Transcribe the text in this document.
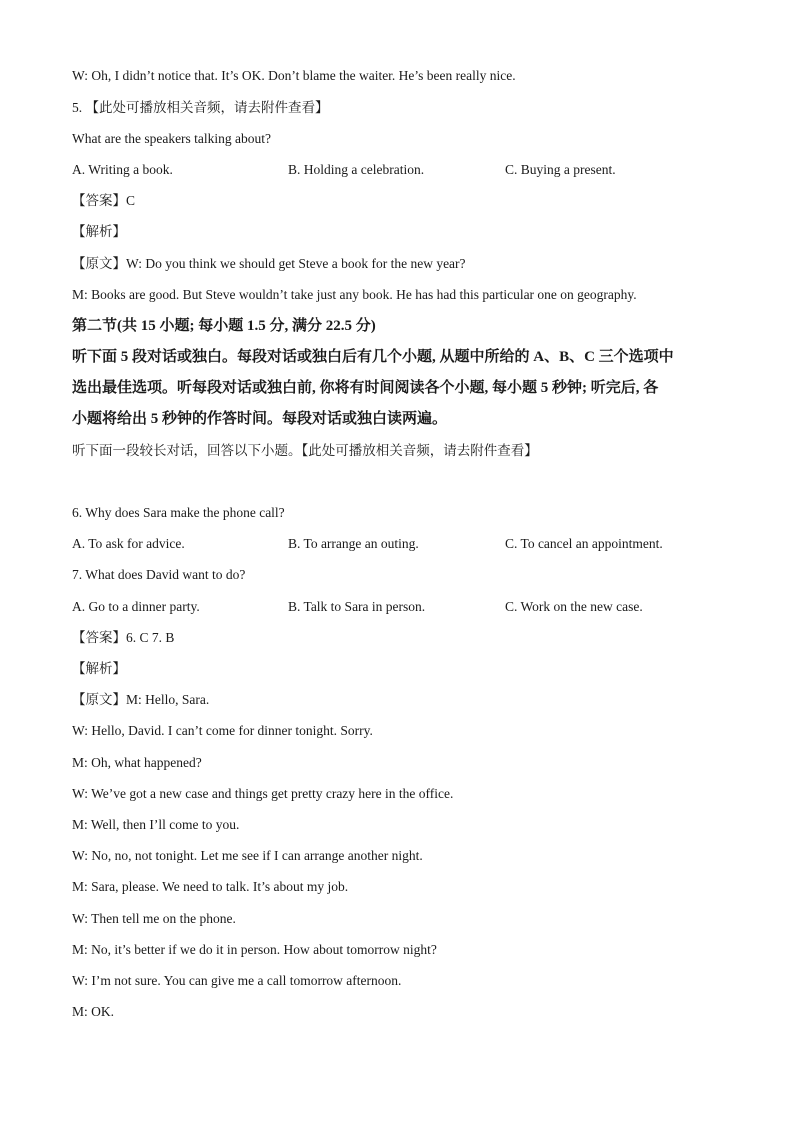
W: Oh, I didn’t notice that. It’s OK. Don’t blame the waiter. He’s been really nice.
5. 【此处可播放相关音频，请去附件查看】
What are the speakers talking about?
A. Writing a book.	B. Holding a celebration.	C. Buying a present.
【答案】C
【解析】
【原文】W: Do you think we should get Steve a book for the new year?
M: Books are good. But Steve wouldn’t take just any book. He has had this particular one on geography.
第二节(共 15 小题; 每小题 1.5 分, 满分 22.5 分)
听下面 5 段对话或独白。每段对话或独白后有几个小题, 从题中所给的 A、B、C 三个选项中
选出最佳选项。听每段对话或独白前, 你将有时间阅读各个小题, 每小题 5 秒钟; 听完后, 各
小题将给出 5 秒钟的作答时间。每段对话或独白读两遍。
听下面一段较长对话，回答以下小题。【此处可播放相关音频，请去附件查看】
6. Why does Sara make the phone call?
A. To ask for advice.	B. To arrange an outing.	C. To cancel an appointment.
7. What does David want to do?
A. Go to a dinner party.	B. Talk to Sara in person.	C. Work on the new case.
【答案】6. C 7. B
【解析】
【原文】M: Hello, Sara.
W: Hello, David. I can’t come for dinner tonight. Sorry.
M: Oh, what happened?
W: We’ve got a new case and things get pretty crazy here in the office.
M: Well, then I’ll come to you.
W: No, no, not tonight. Let me see if I can arrange another night.
M: Sara, please. We need to talk. It’s about my job.
W: Then tell me on the phone.
M: No, it’s better if we do it in person. How about tomorrow night?
W: I’m not sure. You can give me a call tomorrow afternoon.
M: OK.
